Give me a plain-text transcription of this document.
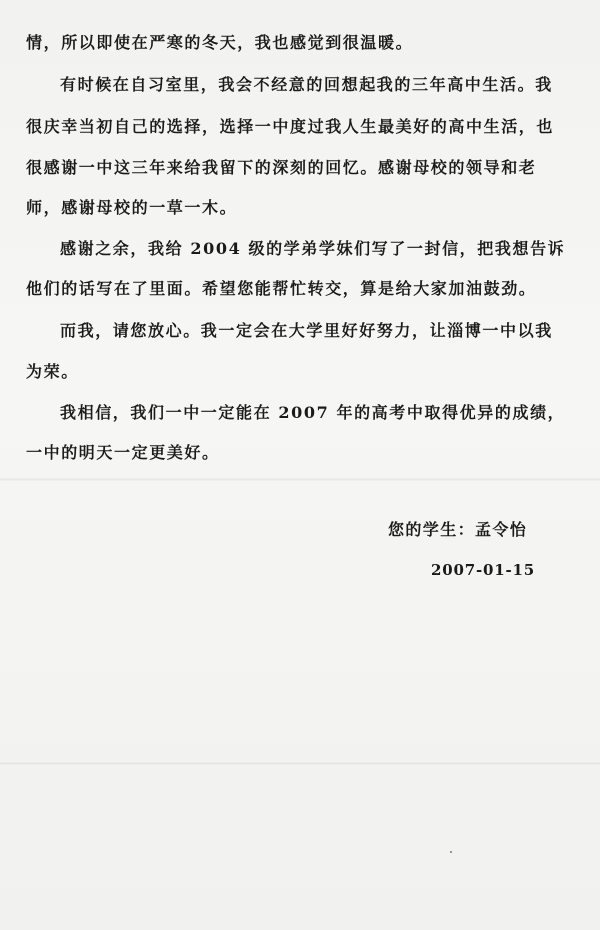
情，所以即使在严寒的冬天，我也感觉到很温暖。
有时候在自习室里，我会不经意的回想起我的三年高中生活。我
很庆幸当初自己的选择，选择一中度过我人生最美好的高中生活，也
很感谢一中这三年来给我留下的深刻的回忆。感谢母校的领导和老
师，感谢母校的一草一木。
感谢之余，我给 2004 级的学弟学妹们写了一封信，把我想告诉
他们的话写在了里面。希望您能帮忙转交，算是给大家加油鼓劲。
而我，请您放心。我一定会在大学里好好努力，让淄博一中以我
为荣。
我相信，我们一中一定能在 2007 年的高考中取得优异的成绩，
一中的明天一定更美好。
您的学生：孟令怡
2007-01-15
